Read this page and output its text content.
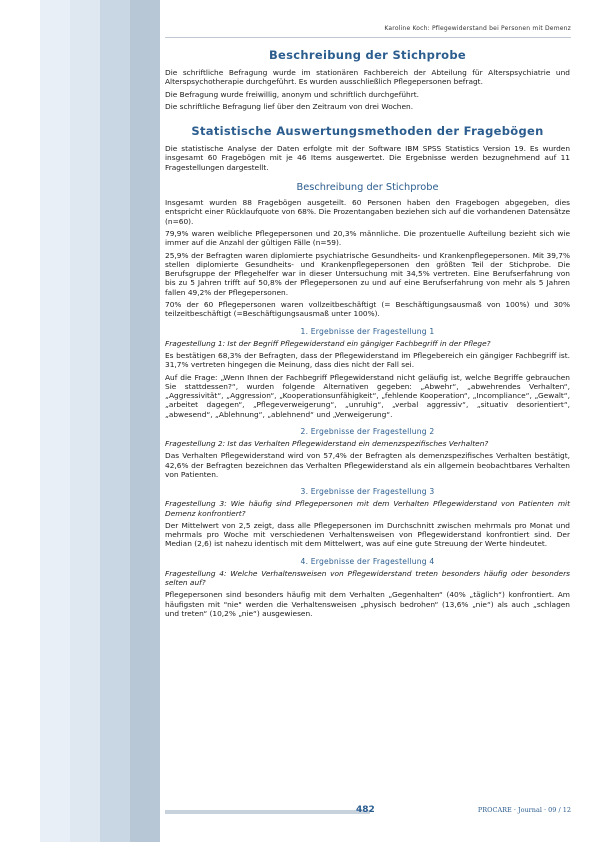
Karoline Koch: Pflegewiderstand bei Personen mit Demenz
Beschreibung der Stichprobe

Die schriftliche Befragung wurde im stationären Fachbereich der Abteilung für Alterspsychiatrie und Alterspsychotherapie durchgeführt. Es wurden ausschließlich Pflegepersonen befragt.

Die Befragung wurde freiwillig, anonym und schriftlich durchgeführt.

Die schriftliche Befragung lief über den Zeitraum von drei Wochen.

Statistische Auswertungsmethoden der Fragebögen

Die statistische Analyse der Daten erfolgte mit der Software IBM SPSS Statistics Version 19. Es wurden insgesamt 60 Fragebögen mit je 46 Items ausgewertet. Die Ergebnisse werden bezugnehmend auf 11 Fragestellungen dargestellt.

Beschreibung der Stichprobe

Insgesamt wurden 88 Fragebögen ausgeteilt. 60 Personen haben den Fragebogen abgegeben, dies entspricht einer Rücklaufquote von 68%. Die Prozentangaben beziehen sich auf die vorhandenen Datensätze (n=60).

79,9% waren weibliche Pflegepersonen und 20,3% männliche. Die prozentuelle Aufteilung bezieht sich wie immer auf die Anzahl der gültigen Fälle (n=59).

25,9% der Befragten waren diplomierte psychiatrische Gesundheits- und Krankenpflegepersonen. Mit 39,7% stellen diplomierte Gesundheits- und Krankenpflegepersonen den größten Teil der Stichprobe. Die Berufsgruppe der Pflegehelfer war in dieser Untersuchung mit 34,5% vertreten. Eine Berufserfahrung von bis zu 5 Jahren trifft auf 50,8% der Pflegepersonen zu und auf eine Berufserfahrung von mehr als 5 Jahren fallen 49,2% der Pflegepersonen.

70% der 60 Pflegepersonen waren vollzeitbeschäftigt (= Beschäftigungsausmaß von 100%) und 30% teilzeitbeschäftigt (=Beschäftigungsausmaß unter 100%).

1. Ergebnisse der Fragestellung 1

Fragestellung 1: Ist der Begriff Pflegewiderstand ein gängiger Fachbegriff in der Pflege?

Es bestätigen 68,3% der Befragten, dass der Pflegewiderstand im Pflegebereich ein gängiger Fachbegriff ist. 31,7% vertreten hingegen die Meinung, dass dies nicht der Fall sei.

Auf die Frage: „Wenn Ihnen der Fachbegriff Pflegewiderstand nicht geläufig ist, welche Begriffe gebrauchen Sie stattdessen?“, wurden folgende Alternativen gegeben: „Abwehr“, „abwehrendes Verhalten“, „Aggressivität“, „Aggression“, „Kooperationsunfähigkeit“, „fehlende Kooperation“, „Incompliance“, „Gewalt“, „arbeitet dagegen“, „Pflegeverweigerung“, „unruhig“, „verbal aggressiv“, „situativ desorientiert“, „abwesend“, „Ablehnung“, „ablehnend“ und „Verweigerung“.

2. Ergebnisse der Fragestellung 2

Fragestellung 2: Ist das Verhalten Pflegewiderstand ein demenzspezifisches Verhalten?

Das Verhalten Pflegewiderstand wird von 57,4% der Befragten als demenzspezifisches Verhalten bestätigt, 42,6% der Befragten bezeichnen das Verhalten Pflegewiderstand als ein allgemein beobachtbares Verhalten von Patienten.

3. Ergebnisse der Fragestellung 3

Fragestellung 3: Wie häufig sind Pflegepersonen mit dem Verhalten Pflegewiderstand von Patienten mit Demenz konfrontiert?

Der Mittelwert von 2,5 zeigt, dass alle Pflegepersonen im Durchschnitt zwischen mehrmals pro Monat und mehrmals pro Woche mit verschiedenen Verhaltensweisen von Pflegewiderstand konfrontiert sind. Der Median (2,6) ist nahezu identisch mit dem Mittelwert, was auf eine gute Streuung der Werte hindeutet.

4. Ergebnisse der Fragestellung 4

Fragestellung 4: Welche Verhaltensweisen von Pflegewiderstand treten besonders häufig oder besonders selten auf?

Pflegepersonen sind besonders häufig mit dem Verhalten „Gegenhalten“ (40% „täglich“) konfrontiert. Am häufigsten mit "nie" werden die Verhaltensweisen „physisch bedrohen“ (13,6% „nie“) als auch „schlagen und treten“ (10,2% „nie“) ausgewiesen.

482	PROCARE · Journal · 09 / 12
